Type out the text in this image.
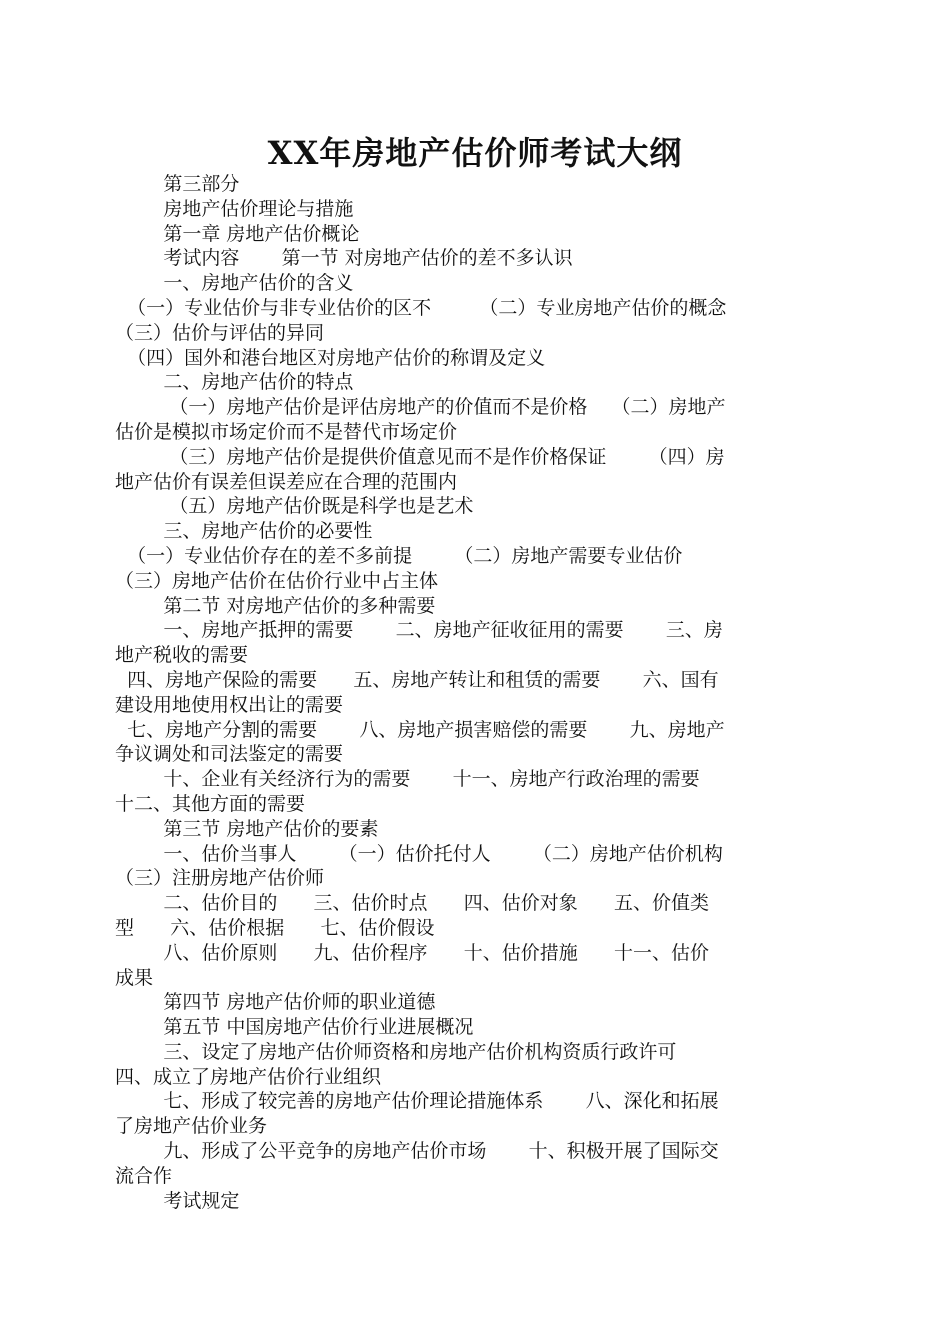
XX年房地产估价师考试大纲
第三部分
房地产估价理论与措施
第一章 房地产估价概论
考试内容       第一节 对房地产估价的差不多认识
一、房地产估价的含义
（一）专业估价与非专业估价的区不        （二）专业房地产估价的概念
（三）估价与评估的异同
（四）国外和港台地区对房地产估价的称谓及定义
二、房地产估价的特点
（一）房地产估价是评估房地产的价值而不是价格    （二）房地产
估价是模拟市场定价而不是替代市场定价
（三）房地产估价是提供价值意见而不是作价格保证       （四）房
地产估价有误差但误差应在合理的范围内
（五）房地产估价既是科学也是艺术
三、房地产估价的必要性
（一）专业估价存在的差不多前提       （二）房地产需要专业估价
（三）房地产估价在估价行业中占主体
第二节 对房地产估价的多种需要
一、房地产抵押的需要       二、房地产征收征用的需要       三、房
地产税收的需要
四、房地产保险的需要      五、房地产转让和租赁的需要       六、国有
建设用地使用权出让的需要
七、房地产分割的需要       八、房地产损害赔偿的需要       九、房地产
争议调处和司法鉴定的需要
十、企业有关经济行为的需要       十一、房地产行政治理的需要
十二、其他方面的需要
第三节 房地产估价的要素
一、估价当事人       （一）估价托付人       （二）房地产估价机构
（三）注册房地产估价师
二、估价目的      三、估价时点      四、估价对象      五、价值类
型      六、估价根据      七、估价假设
八、估价原则      九、估价程序      十、估价措施      十一、估价
成果
第四节 房地产估价师的职业道德
第五节 中国房地产估价行业进展概况
三、设定了房地产估价师资格和房地产估价机构资质行政许可
四、成立了房地产估价行业组织
七、形成了较完善的房地产估价理论措施体系       八、深化和拓展
了房地产估价业务
九、形成了公平竞争的房地产估价市场       十、积极开展了国际交
流合作
考试规定
